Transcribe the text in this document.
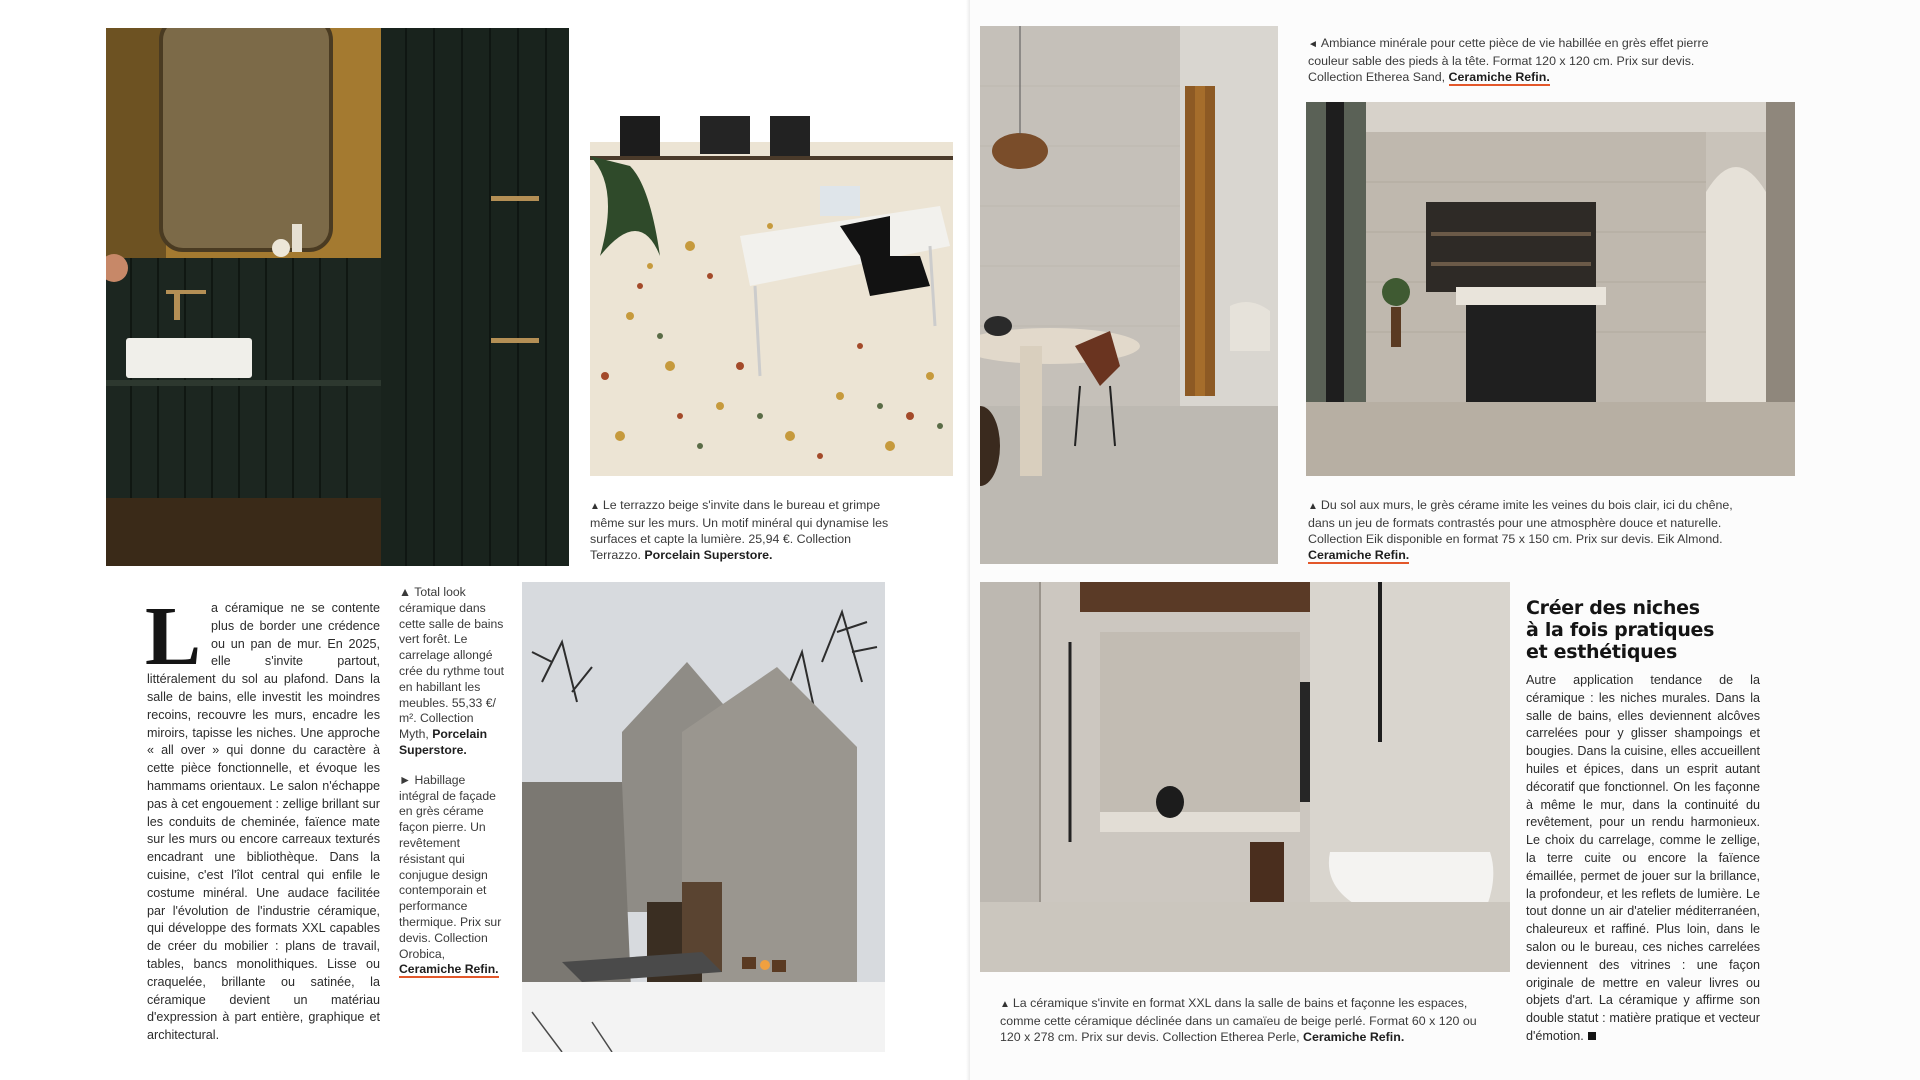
▲ Le terrazzo beige s'invite dans le bureau et grimpe même sur les murs. Un motif minéral qui dynamise les surfaces et capte la lumière. 25,94 €. Collection Terrazzo. Porcelain Superstore.
La céramique ne se contente plus de border une crédence ou un pan de mur. En 2025, elle s'invite partout, littéralement du sol au plafond. Dans la salle de bains, elle investit les moindres recoins, recouvre les murs, encadre les miroirs, tapisse les niches. Une approche « all over » qui donne du caractère à cette pièce fonctionnelle, et évoque les hammams orientaux. Le salon n'échappe pas à cet engouement : zellige brillant sur les conduits de cheminée, faïence mate sur les murs ou encore carreaux texturés encadrant une bibliothèque. Dans la cuisine, c'est l'îlot central qui enfile le costume minéral. Une audace facilitée par l'évolution de l'industrie céramique, qui développe des formats XXL capables de créer du mobilier : plans de travail, tables, bancs monolithiques. Lisse ou craquelée, brillante ou satinée, la céramique devient un matériau d'expression à part entière, graphique et architectural.

▲ Total look céramique dans cette salle de bains vert forêt. Le carrelage allongé crée du rythme tout en habillant les meubles. 55,33 €/ m². Collection Myth, Porcelain Superstore.

► Habillage intégral de façade en grès cérame façon pierre. Un revêtement résistant qui conjugue design contemporain et performance thermique. Prix sur devis. Collection Orobica, Ceramiche Refin.

◄ Ambiance minérale pour cette pièce de vie habillée en grès effet pierre couleur sable des pieds à la tête. Format 120 x 120 cm. Prix sur devis. Collection Etherea Sand, Ceramiche Refin.
▲ Du sol aux murs, le grès cérame imite les veines du bois clair, ici du chêne, dans un jeu de formats contrastés pour une atmosphère douce et naturelle. Collection Eik disponible en format 75 x 150 cm. Prix sur devis. Eik Almond. Ceramiche Refin.
▲ La céramique s'invite en format XXL dans la salle de bains et façonne les espaces, comme cette céramique déclinée dans un camaïeu de beige perlé. Format 60 x 120 ou 120 x 278 cm. Prix sur devis. Collection Etherea Perle, Ceramiche Refin.
Créer des niches
à la fois pratiques
et esthétiques
Autre application tendance de la céramique : les niches murales. Dans la salle de bains, elles deviennent alcôves carrelées pour y glisser shampoings et bougies. Dans la cuisine, elles accueillent huiles et épices, dans un esprit autant décoratif que fonctionnel. On les façonne à même le mur, dans la continuité du revêtement, pour un rendu harmonieux. Le choix du carrelage, comme le zellige, la terre cuite ou encore la faïence émaillée, permet de jouer sur la brillance, la profondeur, et les reflets de lumière. Le tout donne un air d'atelier méditerranéen, chaleureux et raffiné. Plus loin, dans le salon ou le bureau, ces niches carrelées deviennent des vitrines : une façon originale de mettre en valeur livres ou objets d'art. La céramique y affirme son double statut : matière pratique et vecteur d'émotion.
